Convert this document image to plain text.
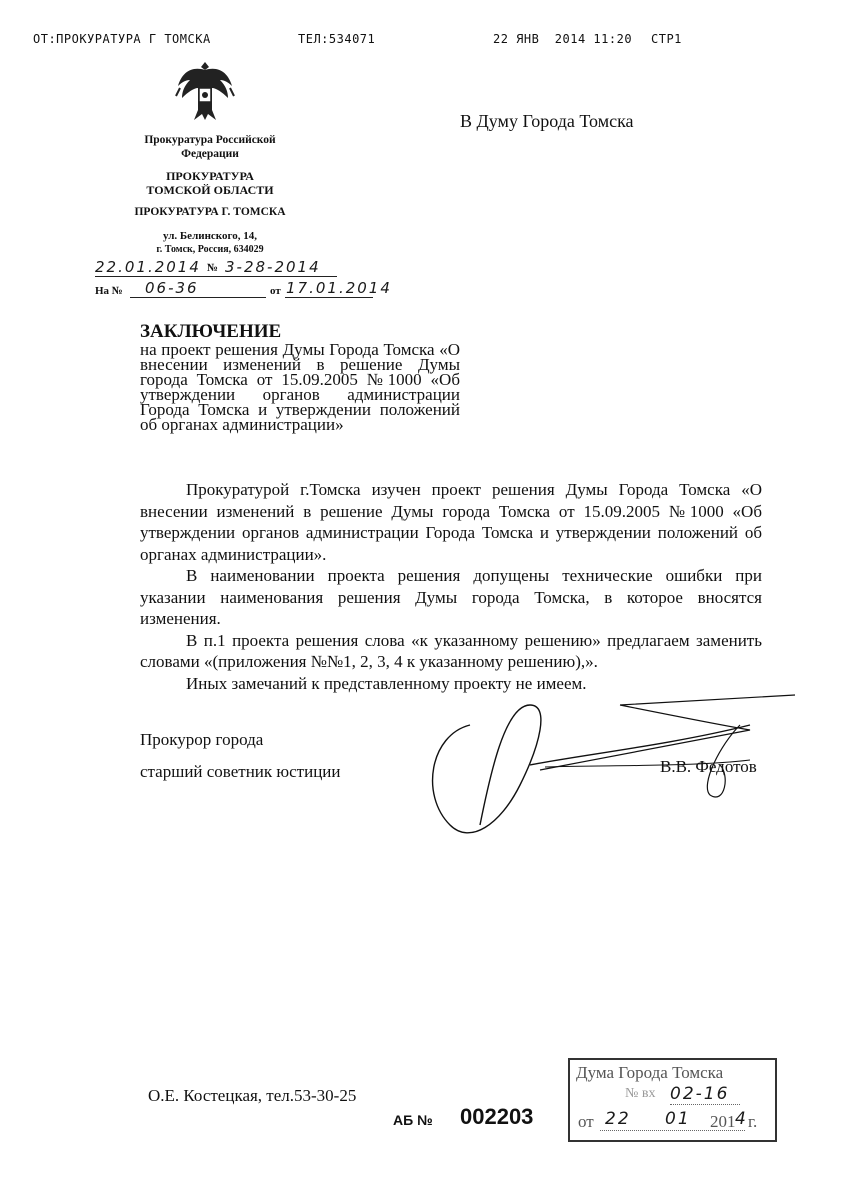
ОТ:ПРОКУРАТУРА Г ТОМСКА	ТЕЛ:534071	22 ЯНВ  2014 11:20 СТР1
Прокуратура Российской
Федерации
ПРОКУРАТУРА
ТОМСКОЙ ОБЛАСТИ
ПРОКУРАТУРА Г. ТОМСКА
ул. Белинского, 14,
г. Томск, Россия, 634029
22.01.2014 № 3-28-2014
На № 06-36	от 17.01.2014
В Думу Города Томска
ЗАКЛЮЧЕНИЕ
на проект решения Думы Города Томска «О внесении изменений в решение Думы города Томска от 15.09.2005 №1000 «Об утверждении органов администрации Города Томска и утверждении положений об органах администрации»

Прокуратурой г.Томска изучен проект решения Думы Города Томска «О внесении изменений в решение Думы города Томска от 15.09.2005 №1000 «Об утверждении органов администрации Города Томска и утверждении положений об органах администрации».

В наименовании проекта решения допущены технические ошибки при указании наименования решения Думы города Томска, в которое вносятся изменения.

В п.1 проекта решения слова «к указанному решению» предлагаем заменить словами «(приложения №№1, 2, 3, 4 к указанному решению),».

Иных замечаний к представленному проекту не имеем.

Прокурор города
старший советник юстиции	В.В. Федотов
О.Е. Костецкая, тел.53-30-25
АБ № 002203
Дума Города Томска
№ вх 02-16
от 22 01 201 4 г.
